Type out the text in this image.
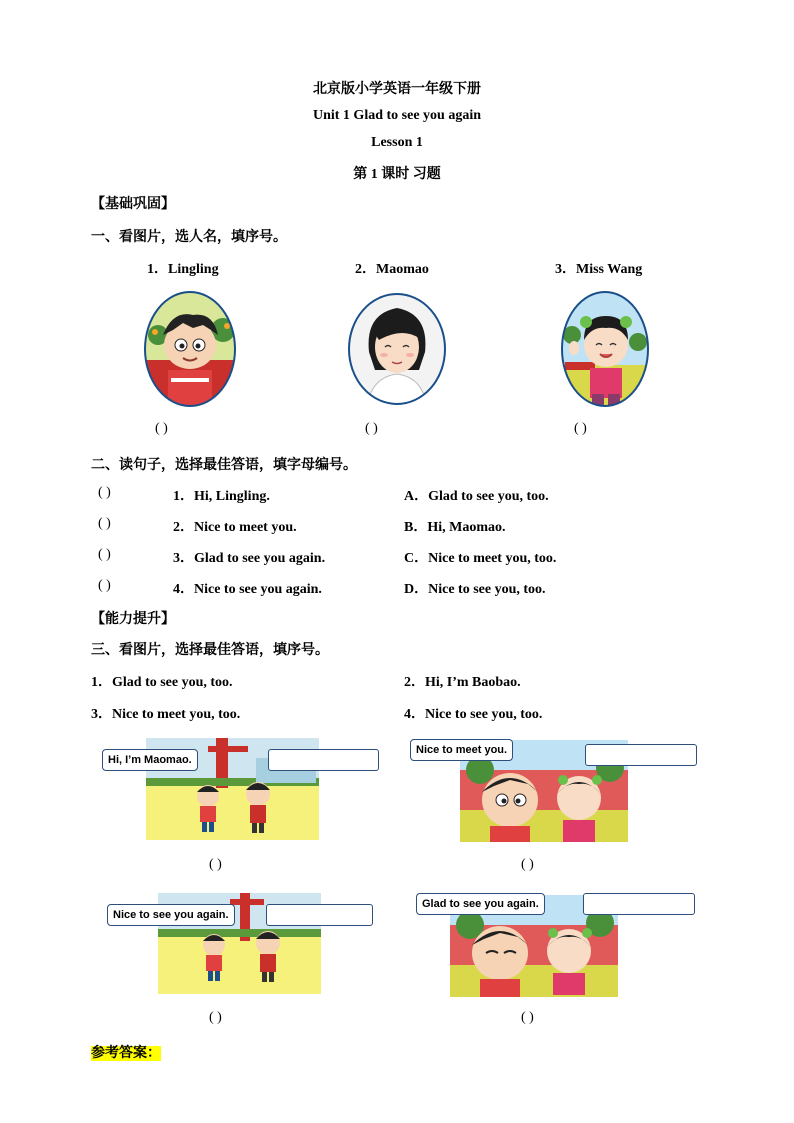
北京版小学英语一年级下册
Unit 1 Glad to see you again
Lesson 1
第 1 课时 习题
【基础巩固】
一、看图片，选人名，填序号。
1．Lingling	2．Maomao	3．Miss Wang
( )	( )	( )
二、读句子，选择最佳答语，填字母编号。
( )	1．Hi, Lingling.	A．Glad to see you, too.
( )	2．Nice to meet you.	B．Hi, Maomao.
( )	3．Glad to see you again.	C．Nice to meet you, too.
( )	4．Nice to see you again.	D．Nice to see you, too.
【能力提升】
三、看图片，选择最佳答语，填序号。
1．Glad to see you, too.	2．Hi, I’m Baobao.
3．Nice to meet you, too.	4．Nice to see you, too.
Hi, I’m Maomao.
Nice to meet you.
( )	( )
Nice to see you again.
Glad to see you again.
( )	( )
参考答案：
